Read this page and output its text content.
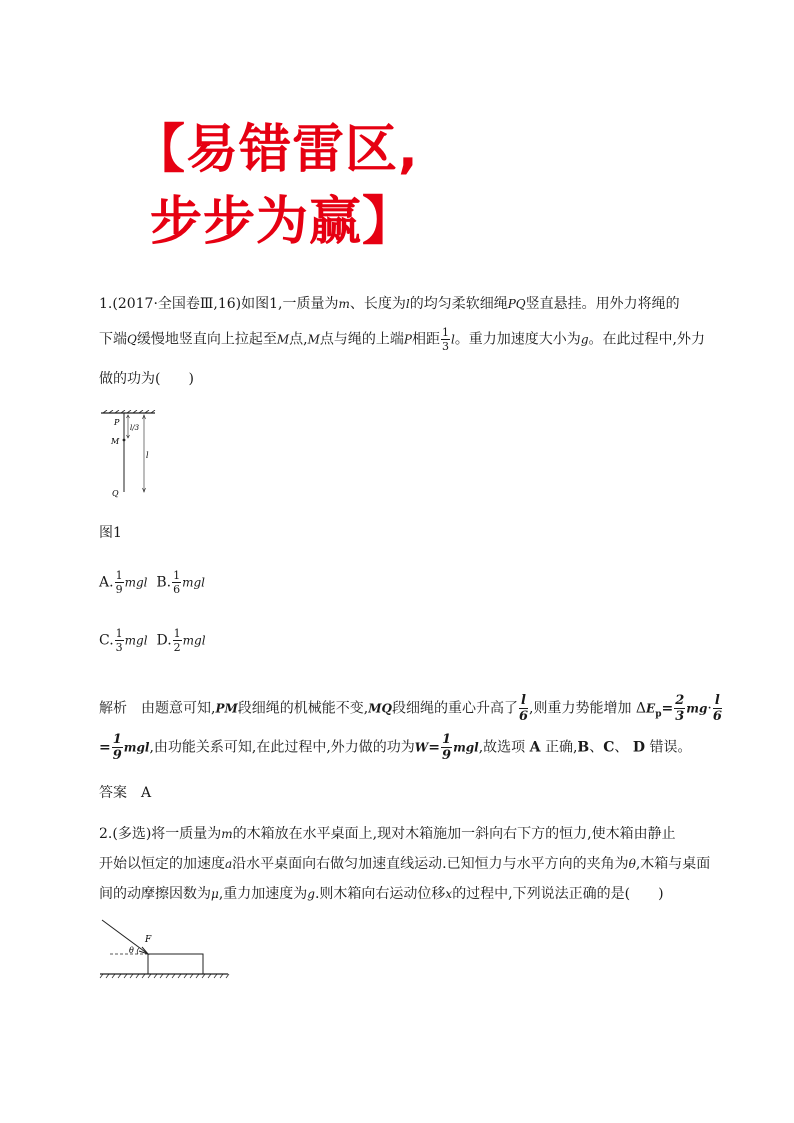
【易错雷区,
步步为赢】
1.(2017·全国卷Ⅲ,16)如图1,一质量为m、长度为l的均匀柔软细绳PQ竖直悬挂。用外力将绳的
下端Q缓慢地竖直向上拉起至M点,M点与绳的上端P相距 $\frac{1}{3}$ l。重力加速度大小为g。在此过程中,外力
做的功为(　　)
P
M
Q
l/3
l
图1
A. $\frac{1}{9}$ mgl B. $\frac{1}{6}$ mgl
C. $\frac{1}{3}$ mgl D. $\frac{1}{2}$ mgl
解析　由题意可知,PM段细绳的机械能不变,MQ段细绳的重心升高了 $\frac{l}{6}$ ,则重力势能增加 $\Delta E_p= \frac{2}{3} mg\cdot \frac{l}{6}$
= $\frac{1}{9}$ mgl,由功能关系可知,在此过程中,外力做的功为$W= \frac{1}{9}$ mgl,故选项 A 正确,B、C、 D 错误。
答案　A
2.(多选)将一质量为m的木箱放在水平桌面上,现对木箱施加一斜向右下方的恒力,使木箱由静止
开始以恒定的加速度a沿水平桌面向右做匀加速直线运动.已知恒力与水平方向的夹角为θ,木箱与桌面
间的动摩擦因数为μ,重力加速度为g.则木箱向右运动位移x的过程中,下列说法正确的是(　　)
F
θ
